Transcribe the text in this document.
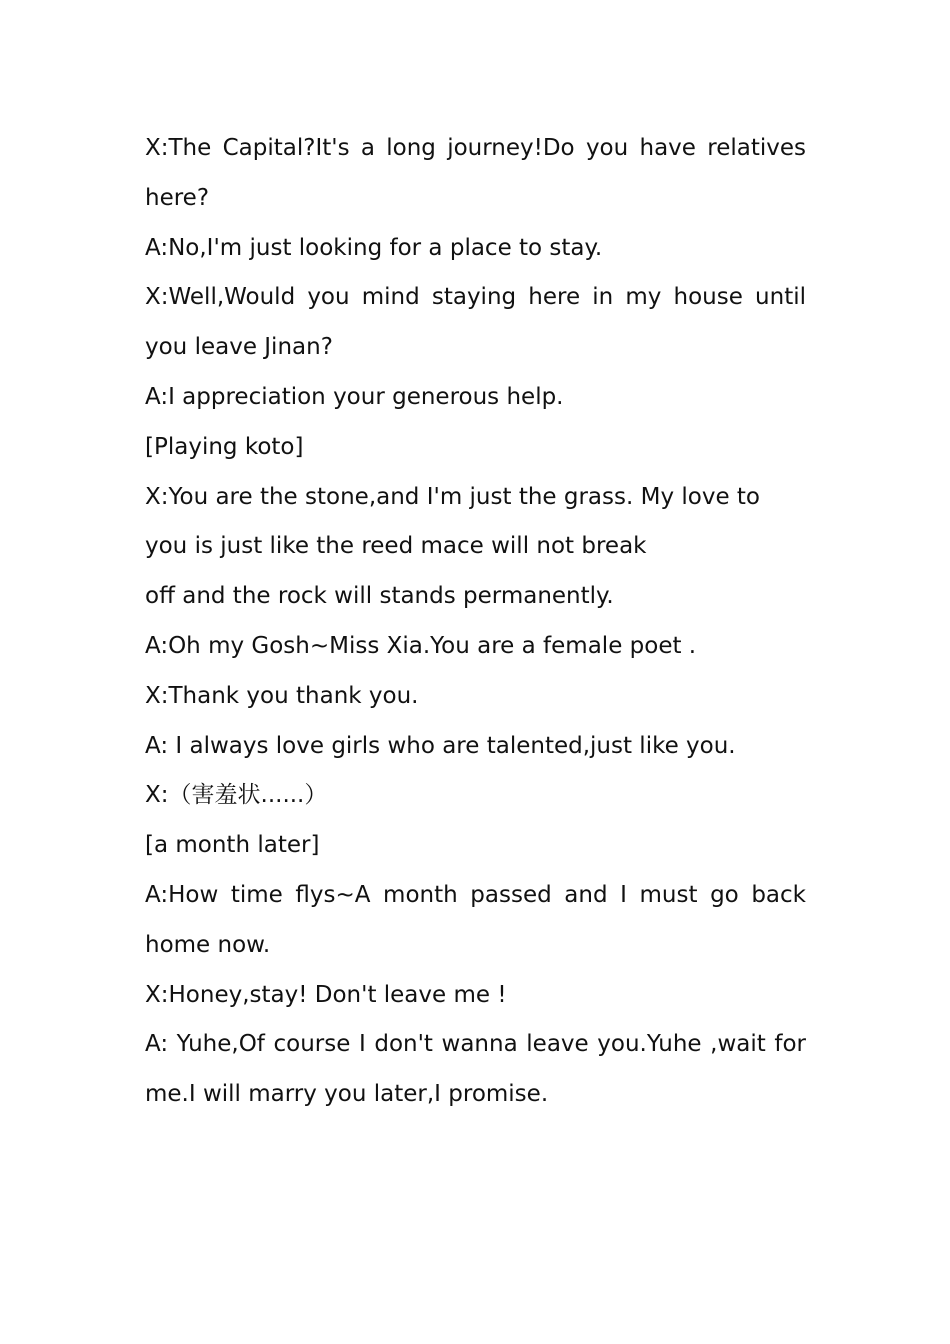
X:The Capital?It's a long journey!Do you have relatives here?

A:No,I'm just looking for a place to stay.

X:Well,Would you mind staying here in my house until you leave Jinan?

A:I appreciation your generous help.

[Playing koto]

X:You are the stone,and I'm just the grass. My love to you is just like the reed mace will not break

off and the rock will stands permanently.

A:Oh my Gosh~Miss Xia.You are a female poet .

X:Thank you thank you.

A: I always love girls who are talented,just like you.

X:（害羞状......）

[a month later]

A:How time flys~A month passed and I must go back home now.

X:Honey,stay! Don't leave me !

A: Yuhe,Of course I don't wanna leave you.Yuhe ,wait for me.I will marry you later,I promise.
